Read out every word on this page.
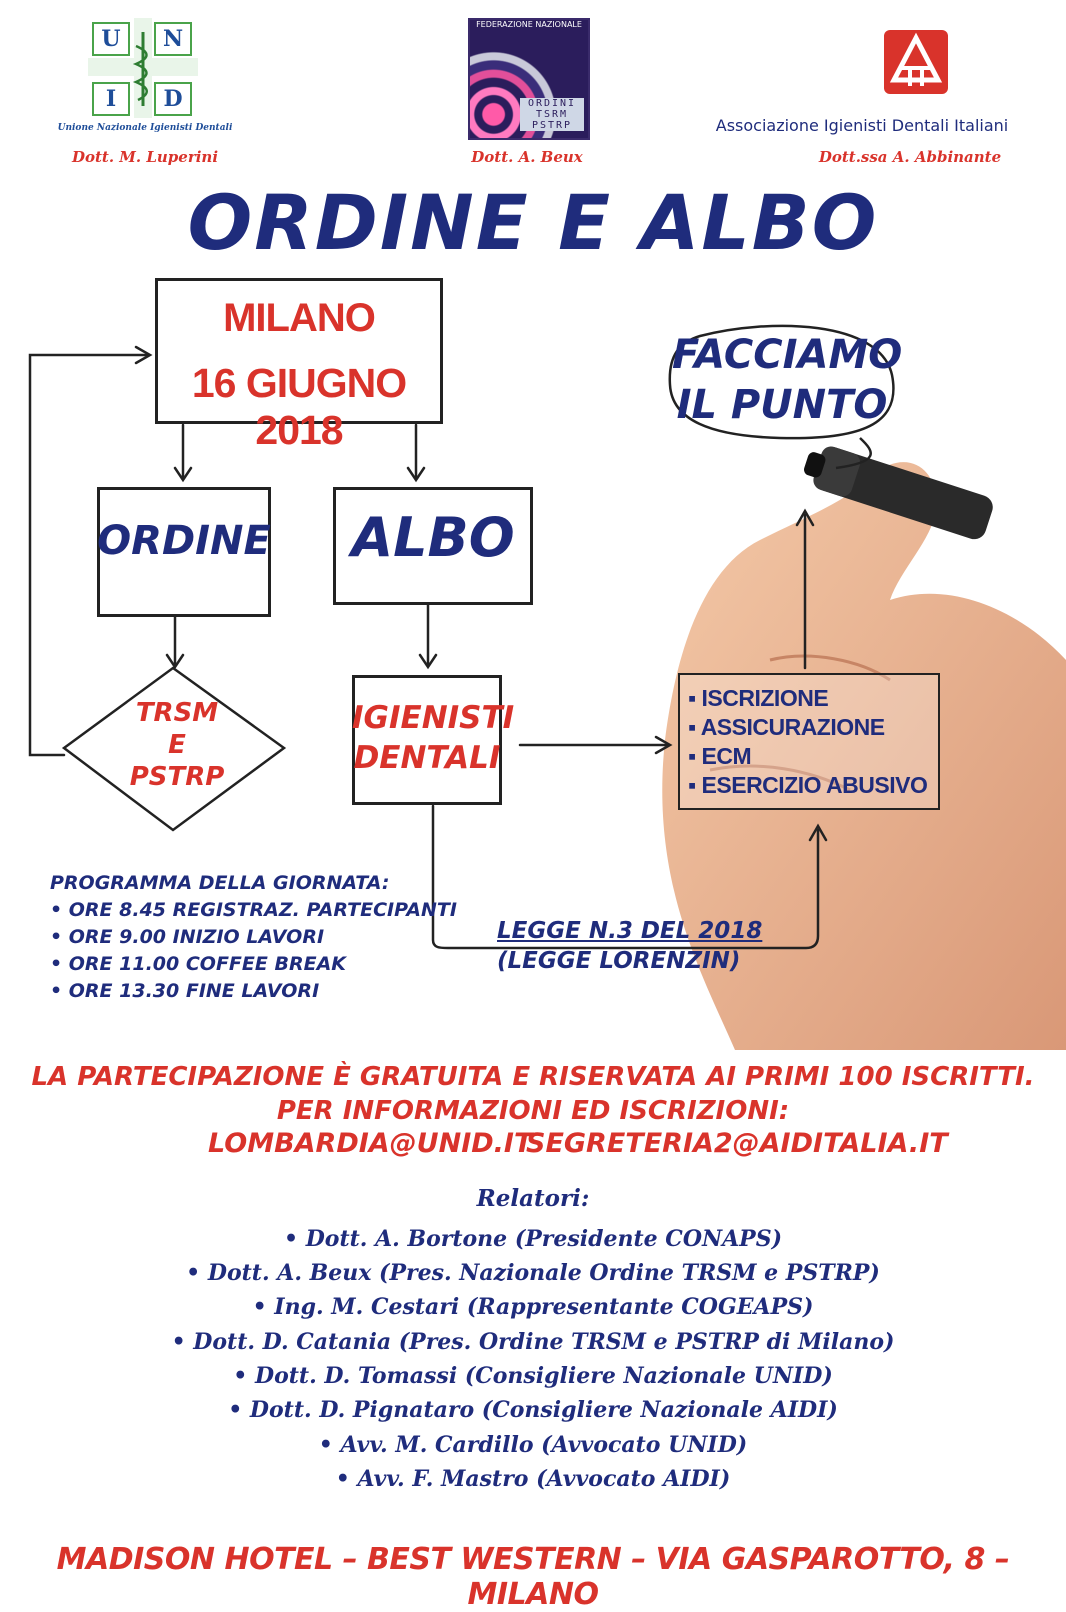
U	N
I	D
Unione Nazionale Igienisti Dentali
Dott. M. Luperini
FEDERAZIONE NAZIONALE
ORDINI
TSRM
PSTRP
Dott. A. Beux
Associazione Igienisti Dentali Italiani
Dott.ssa A. Abbinante
ORDINE E ALBO
MILANO
16 GIUGNO 2018
ORDINE	ALBO
TRSM
E
PSTRP
IGIENISTI
DENTALI
▪ ISCRIZIONE
▪ ASSICURAZIONE
▪ ECM
▪ ESERCIZIO ABUSIVO
FACCIAMO
IL PUNTO
LEGGE N.3 DEL 2018
(LEGGE LORENZIN)
PROGRAMMA DELLA GIORNATA:
• ORE 8.45 REGISTRAZ. PARTECIPANTI
• ORE 9.00 INIZIO LAVORI
• ORE 11.00 COFFEE BREAK
• ORE 13.30 FINE LAVORI
LA PARTECIPAZIONE È GRATUITA E RISERVATA AI PRIMI 100 ISCRITTI.
PER INFORMAZIONI ED ISCRIZIONI:
LOMBARDIA@UNID.IT
SEGRETERIA2@AIDITALIA.IT
Relatori:
• Dott. A. Bortone (Presidente CONAPS)
• Dott. A. Beux (Pres. Nazionale Ordine TRSM e PSTRP)
• Ing. M. Cestari (Rappresentante COGEAPS)
• Dott. D. Catania (Pres. Ordine TRSM e PSTRP di Milano)
• Dott. D. Tomassi (Consigliere Nazionale UNID)
• Dott. D. Pignataro (Consigliere Nazionale AIDI)
• Avv. M. Cardillo (Avvocato UNID)
• Avv. F. Mastro (Avvocato AIDI)
MADISON HOTEL – BEST WESTERN – VIA GASPAROTTO, 8 – MILANO
